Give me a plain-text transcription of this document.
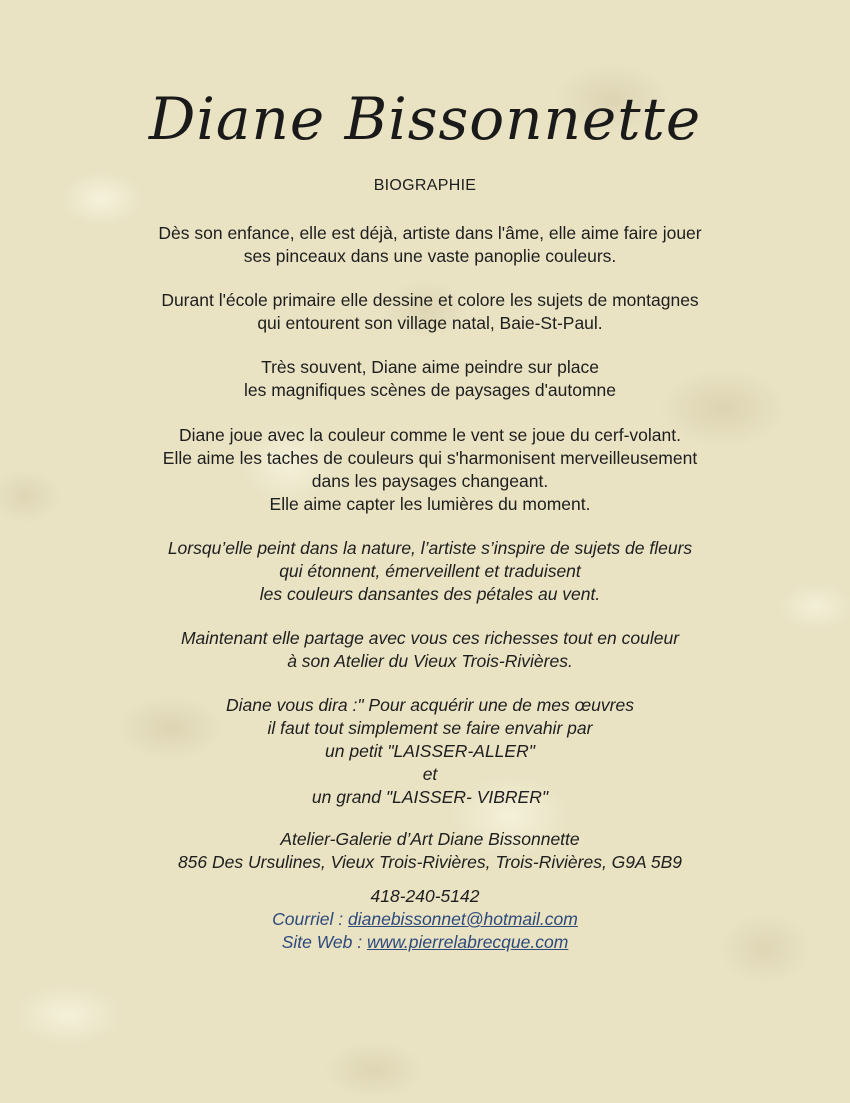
Diane Bissonnette
BIOGRAPHIE
Dès son enfance, elle est déjà, artiste dans l'âme, elle aime faire jouer
ses pinceaux dans une vaste panoplie couleurs.
Durant l'école primaire elle dessine et colore les sujets de montagnes
qui entourent son village natal, Baie-St-Paul.
Très souvent, Diane aime peindre sur place
les magnifiques scènes de paysages d'automne
Diane joue avec la couleur comme le vent se joue du cerf-volant.
Elle aime les taches de couleurs qui s'harmonisent merveilleusement
dans les paysages changeant.
Elle aime capter les lumières du moment.
Lorsqu’elle peint dans la nature, l’artiste s’inspire de sujets de fleurs
qui étonnent, émerveillent et traduisent
les couleurs dansantes des pétales au vent.
Maintenant elle partage avec vous ces richesses tout en couleur
à son Atelier du Vieux Trois-Rivières.
Diane vous dira :" Pour acquérir une de mes œuvres
il faut tout simplement se faire envahir par
un petit "LAISSER-ALLER"
et
un grand "LAISSER- VIBRER"
Atelier-Galerie d’Art Diane Bissonnette
856 Des Ursulines, Vieux Trois-Rivières, Trois-Rivières, G9A 5B9
418-240-5142
Courriel : dianebissonnet@hotmail.com
Site Web : www.pierrelabrecque.com
